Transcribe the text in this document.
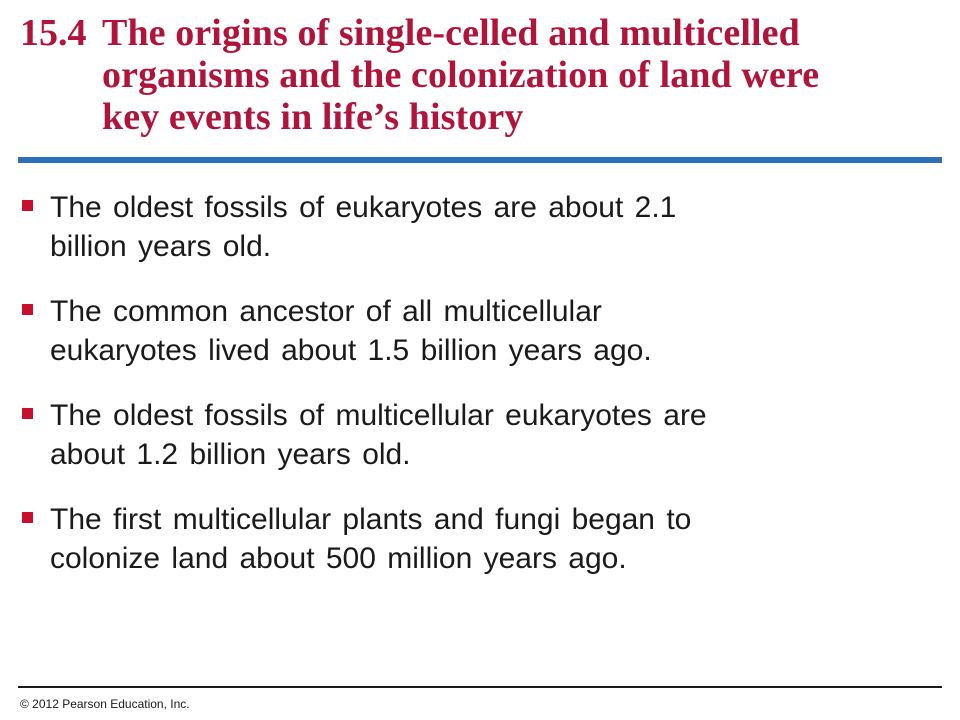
15.4 The origins of single-celled and multicelled
organisms and the colonization of land were
key events in life’s history
The oldest fossils of eukaryotes are about 2.1
billion years old.
The common ancestor of all multicellular
eukaryotes lived about 1.5 billion years ago.
The oldest fossils of multicellular eukaryotes are
about 1.2 billion years old.
The first multicellular plants and fungi began to
colonize land about 500 million years ago.
© 2012 Pearson Education, Inc.
